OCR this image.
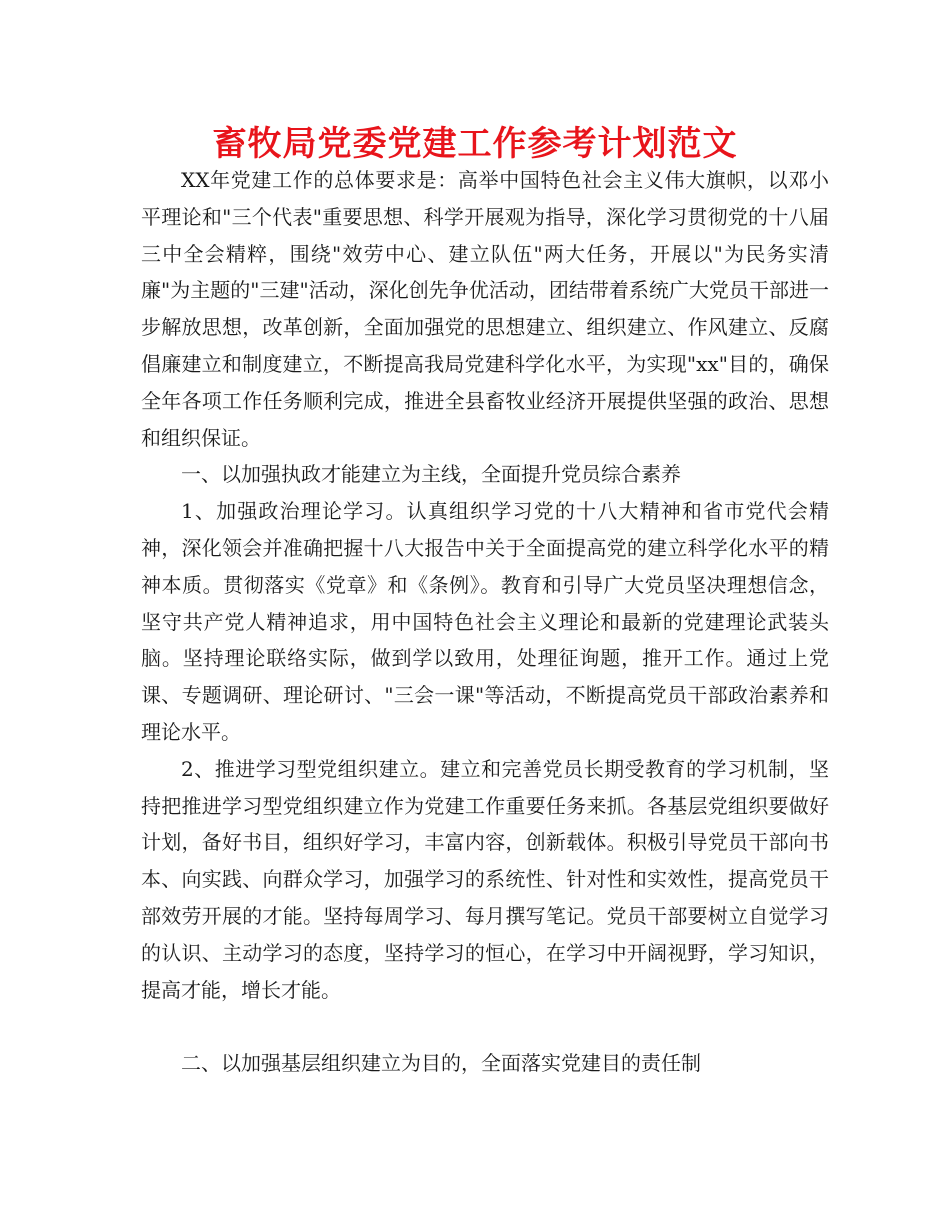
畜牧局党委党建工作参考计划范文

XX年党建工作的总体要求是：高举中国特色社会主义伟大旗帜，以邓小平理论和"三个代表"重要思想、科学开展观为指导，深化学习贯彻党的十八届三中全会精粹，围绕"效劳中心、建立队伍"两大任务，开展以"为民务实清廉"为主题的"三建"活动，深化创先争优活动，团结带着系统广大党员干部进一步解放思想，改革创新，全面加强党的思想建立、组织建立、作风建立、反腐倡廉建立和制度建立，不断提高我局党建科学化水平，为实现"xx"目的，确保全年各项工作任务顺利完成，推进全县畜牧业经济开展提供坚强的政治、思想和组织保证。

一、以加强执政才能建立为主线，全面提升党员综合素养

1、加强政治理论学习。认真组织学习党的十八大精神和省市党代会精神，深化领会并准确把握十八大报告中关于全面提高党的建立科学化水平的精神本质。贯彻落实《党章》和《条例》。教育和引导广大党员坚决理想信念，坚守共产党人精神追求，用中国特色社会主义理论和最新的党建理论武装头脑。坚持理论联络实际，做到学以致用，处理征询题，推开工作。通过上党课、专题调研、理论研讨、"三会一课"等活动，不断提高党员干部政治素养和理论水平。

2、推进学习型党组织建立。建立和完善党员长期受教育的学习机制，坚持把推进学习型党组织建立作为党建工作重要任务来抓。各基层党组织要做好计划，备好书目，组织好学习，丰富内容，创新载体。积极引导党员干部向书本、向实践、向群众学习，加强学习的系统性、针对性和实效性，提高党员干部效劳开展的才能。坚持每周学习、每月撰写笔记。党员干部要树立自觉学习的认识、主动学习的态度，坚持学习的恒心，在学习中开阔视野，学习知识，提高才能，增长才能。

二、以加强基层组织建立为目的，全面落实党建目的责任制
